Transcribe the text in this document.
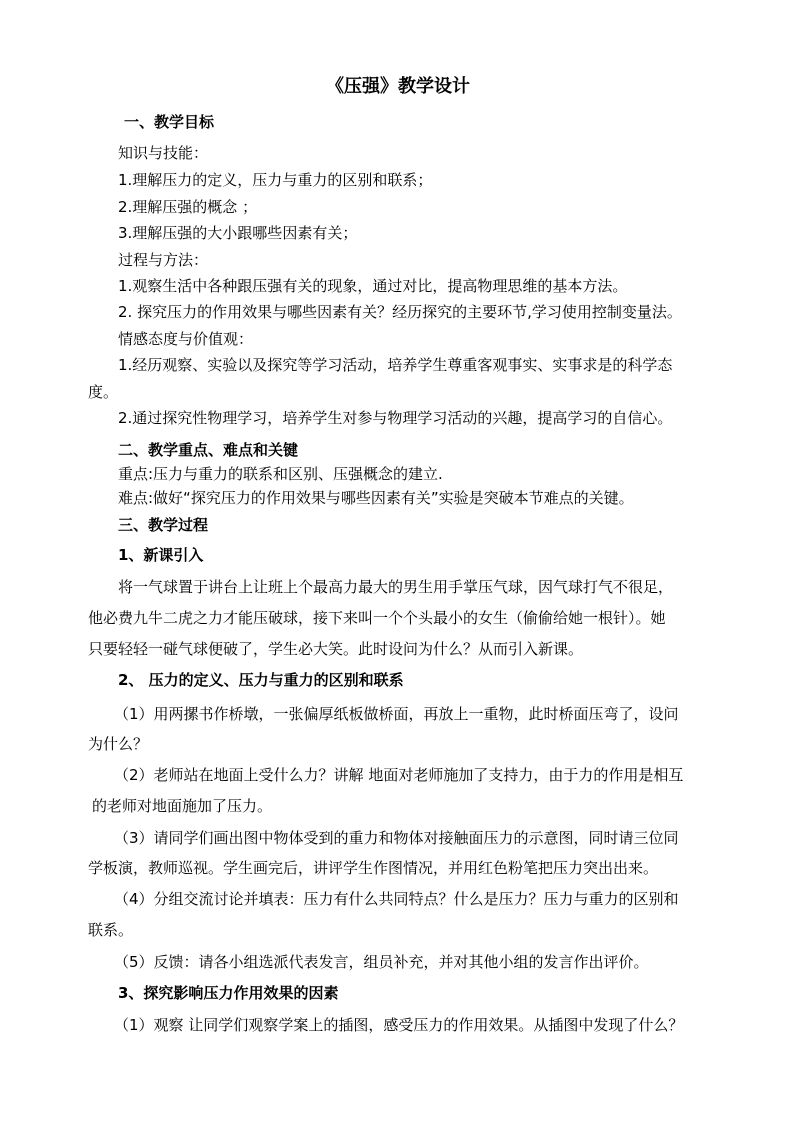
《压强》教学设计
一、教学目标
知识与技能：
1.理解压力的定义，压力与重力的区别和联系；
2.理解压强的概念 ；
3.理解压强的大小跟哪些因素有关；
过程与方法：
1.观察生活中各种跟压强有关的现象，通过对比，提高物理思维的基本方法。
2. 探究压力的作用效果与哪些因素有关？经历探究的主要环节,学习使用控制变量法。
情感态度与价值观：
1.经历观察、实验以及探究等学习活动，培养学生尊重客观事实、实事求是的科学态
度。
2.通过探究性物理学习，培养学生对参与物理学习活动的兴趣，提高学习的自信心。
二、教学重点、难点和关键
重点:压力与重力的联系和区别、压强概念的建立.
难点:做好“探究压力的作用效果与哪些因素有关”实验是突破本节难点的关键。
三、教学过程
1、新课引入
将一气球置于讲台上让班上个最高力最大的男生用手掌压气球，因气球打气不很足，
他必费九牛二虎之力才能压破球，接下来叫一个个头最小的女生（偷偷给她一根针）。她
只要轻轻一碰气球便破了，学生必大笑。此时设问为什么？从而引入新课。
2、 压力的定义、压力与重力的区别和联系
（1）用两摞书作桥墩，一张偏厚纸板做桥面，再放上一重物，此时桥面压弯了，设问
为什么？
（2）老师站在地面上受什么力？讲解 地面对老师施加了支持力，由于力的作用是相互
的老师对地面施加了压力。
（3）请同学们画出图中物体受到的重力和物体对接触面压力的示意图，同时请三位同
学板演，教师巡视。学生画完后，讲评学生作图情况，并用红色粉笔把压力突出出来。
（4）分组交流讨论并填表：压力有什么共同特点？什么是压力？压力与重力的区别和
联系。
（5）反馈：请各小组选派代表发言，组员补充，并对其他小组的发言作出评价。
3、探究影响压力作用效果的因素
（1）观察 让同学们观察学案上的插图，感受压力的作用效果。从插图中发现了什么？
